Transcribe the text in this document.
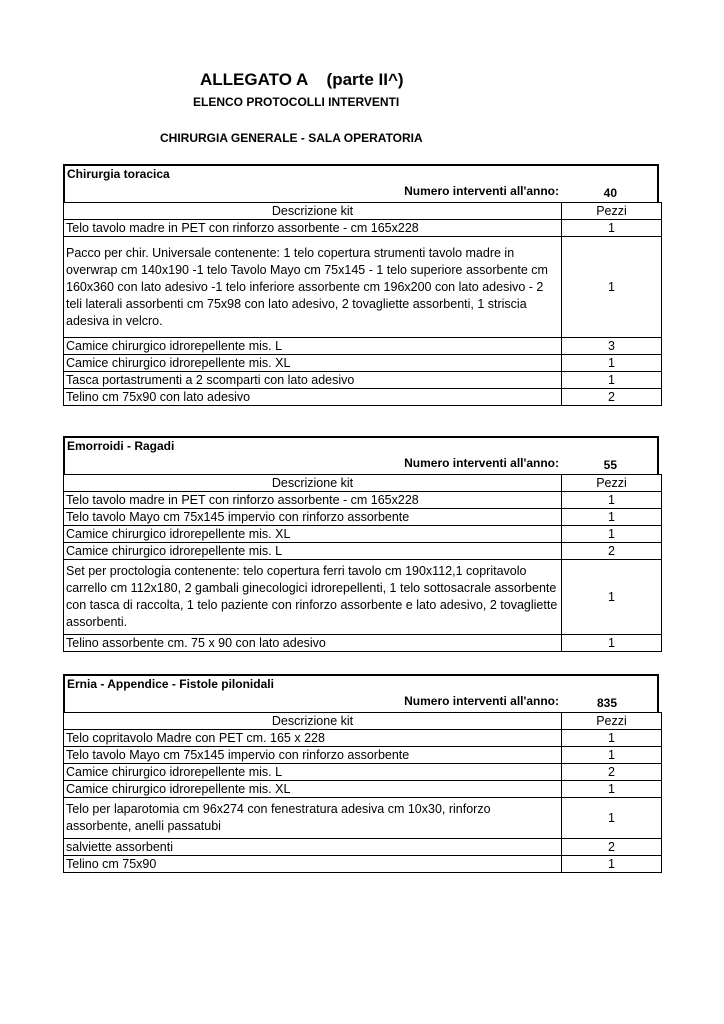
ALLEGATO A    (parte II^)
ELENCO PROTOCOLLI INTERVENTI
CHIRURGIA GENERALE - SALA OPERATORIA
Chirurgia toracica
Numero interventi all'anno:	40
Descrizione kit	Pezzi
Telo tavolo madre in PET con rinforzo assorbente - cm 165x228	1
Pacco per chir. Universale contenente: 1 telo copertura strumenti tavolo madre in overwrap cm 140x190 -1 telo Tavolo Mayo cm 75x145 - 1 telo superiore assorbente cm 160x360 con lato adesivo -1 telo inferiore assorbente cm 196x200 con lato adesivo - 2 teli laterali assorbenti cm 75x98 con lato adesivo, 2 tovagliette assorbenti, 1 striscia adesiva in velcro.	1
Camice chirurgico idrorepellente mis. L	3
Camice chirurgico idrorepellente mis. XL	1
Tasca portastrumenti a 2 scomparti con lato adesivo	1
Telino cm 75x90 con lato adesivo	2
Emorroidi - Ragadi
Numero interventi all'anno:	55
Descrizione kit	Pezzi
Telo tavolo madre in PET con rinforzo assorbente - cm 165x228	1
Telo tavolo Mayo cm 75x145 impervio con rinforzo assorbente	1
Camice chirurgico idrorepellente mis. XL	1
Camice chirurgico idrorepellente mis. L	2
Set per proctologia contenente: telo copertura ferri tavolo cm 190x112,1 copritavolo carrello cm 112x180, 2 gambali ginecologici idrorepellenti, 1 telo sottosacrale assorbente con tasca di raccolta, 1 telo paziente con rinforzo assorbente e lato adesivo, 2 tovagliette assorbenti.	1
Telino assorbente cm. 75 x 90 con lato adesivo	1
Ernia - Appendice - Fistole pilonidali
Numero interventi all'anno:	835
Descrizione kit	Pezzi
Telo copritavolo Madre con PET cm. 165 x 228	1
Telo tavolo Mayo cm 75x145 impervio con rinforzo assorbente	1
Camice chirurgico idrorepellente mis. L	2
Camice chirurgico idrorepellente mis. XL	1
Telo per laparotomia cm 96x274 con fenestratura adesiva cm 10x30, rinforzo assorbente, anelli passatubi	1
salviette assorbenti	2
Telino cm 75x90	1
